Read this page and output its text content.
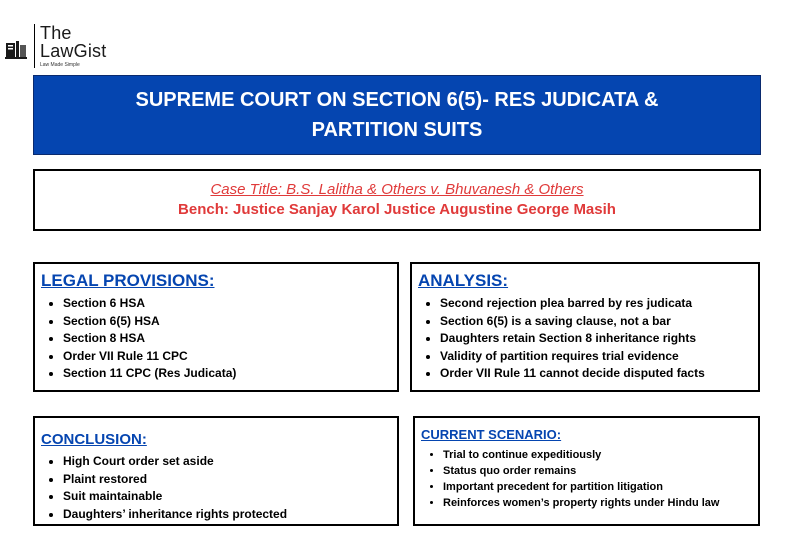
The
LawGist
Law Made Simple
SUPREME COURT ON SECTION 6(5)- RES JUDICATA & PARTITION SUITS
Case Title: B.S. Lalitha & Others v. Bhuvanesh & Others
Bench: Justice Sanjay Karol Justice Augustine George Masih
LEGAL PROVISIONS:
• Section 6 HSA
• Section 6(5) HSA
• Section 8 HSA
• Order VII Rule 11 CPC
• Section 11 CPC (Res Judicata)
ANALYSIS:
• Second rejection plea barred by res judicata
• Section 6(5) is a saving clause, not a bar
• Daughters retain Section 8 inheritance rights
• Validity of partition requires trial evidence
• Order VII Rule 11 cannot decide disputed facts
CONCLUSION:
• High Court order set aside
• Plaint restored
• Suit maintainable
• Daughters’ inheritance rights protected
CURRENT SCENARIO:
• Trial to continue expeditiously
• Status quo order remains
• Important precedent for partition litigation
• Reinforces women’s property rights under Hindu law
